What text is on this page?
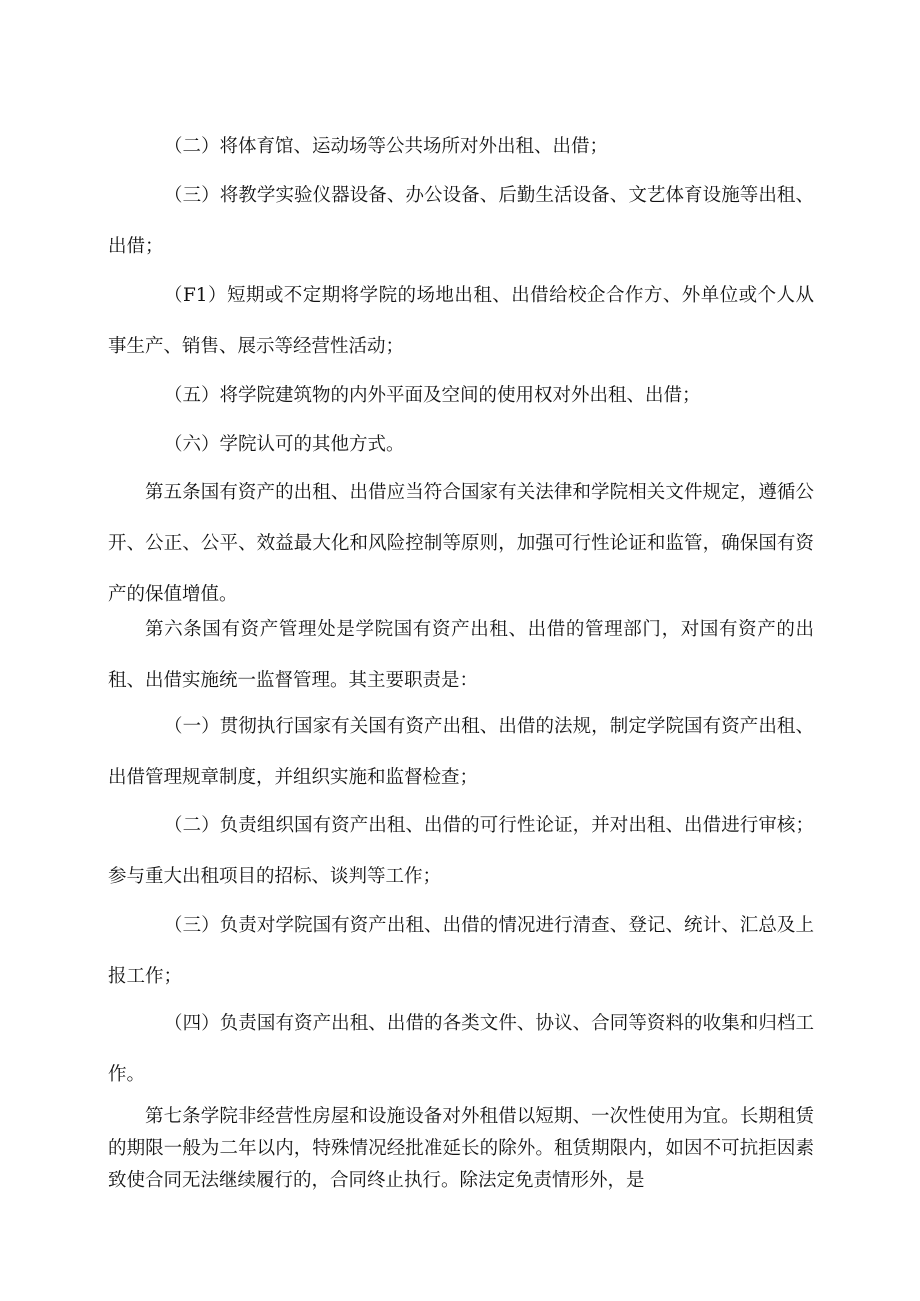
（二）将体育馆、运动场等公共场所对外出租、出借；

（三）将教学实验仪器设备、办公设备、后勤生活设备、文艺体育设施等出租、出借；

（F1）短期或不定期将学院的场地出租、出借给校企合作方、外单位或个人从事生产、销售、展示等经营性活动；

（五）将学院建筑物的内外平面及空间的使用权对外出租、出借；

（六）学院认可的其他方式。

第五条国有资产的出租、出借应当符合国家有关法律和学院相关文件规定，遵循公开、公正、公平、效益最大化和风险控制等原则，加强可行性论证和监管，确保国有资产的保值增值。

第六条国有资产管理处是学院国有资产出租、出借的管理部门，对国有资产的出租、出借实施统一监督管理。其主要职责是：

（一）贯彻执行国家有关国有资产出租、出借的法规，制定学院国有资产出租、出借管理规章制度，并组织实施和监督检查；

（二）负责组织国有资产出租、出借的可行性论证，并对出租、出借进行审核；参与重大出租项目的招标、谈判等工作；

（三）负责对学院国有资产出租、出借的情况进行清查、登记、统计、汇总及上报工作；

（四）负责国有资产出租、出借的各类文件、协议、合同等资料的收集和归档工作。

第七条学院非经营性房屋和设施设备对外租借以短期、一次性使用为宜。长期租赁的期限一般为二年以内，特殊情况经批准延长的除外。租赁期限内，如因不可抗拒因素致使合同无法继续履行的，合同终止执行。除法定免责情形外，是
